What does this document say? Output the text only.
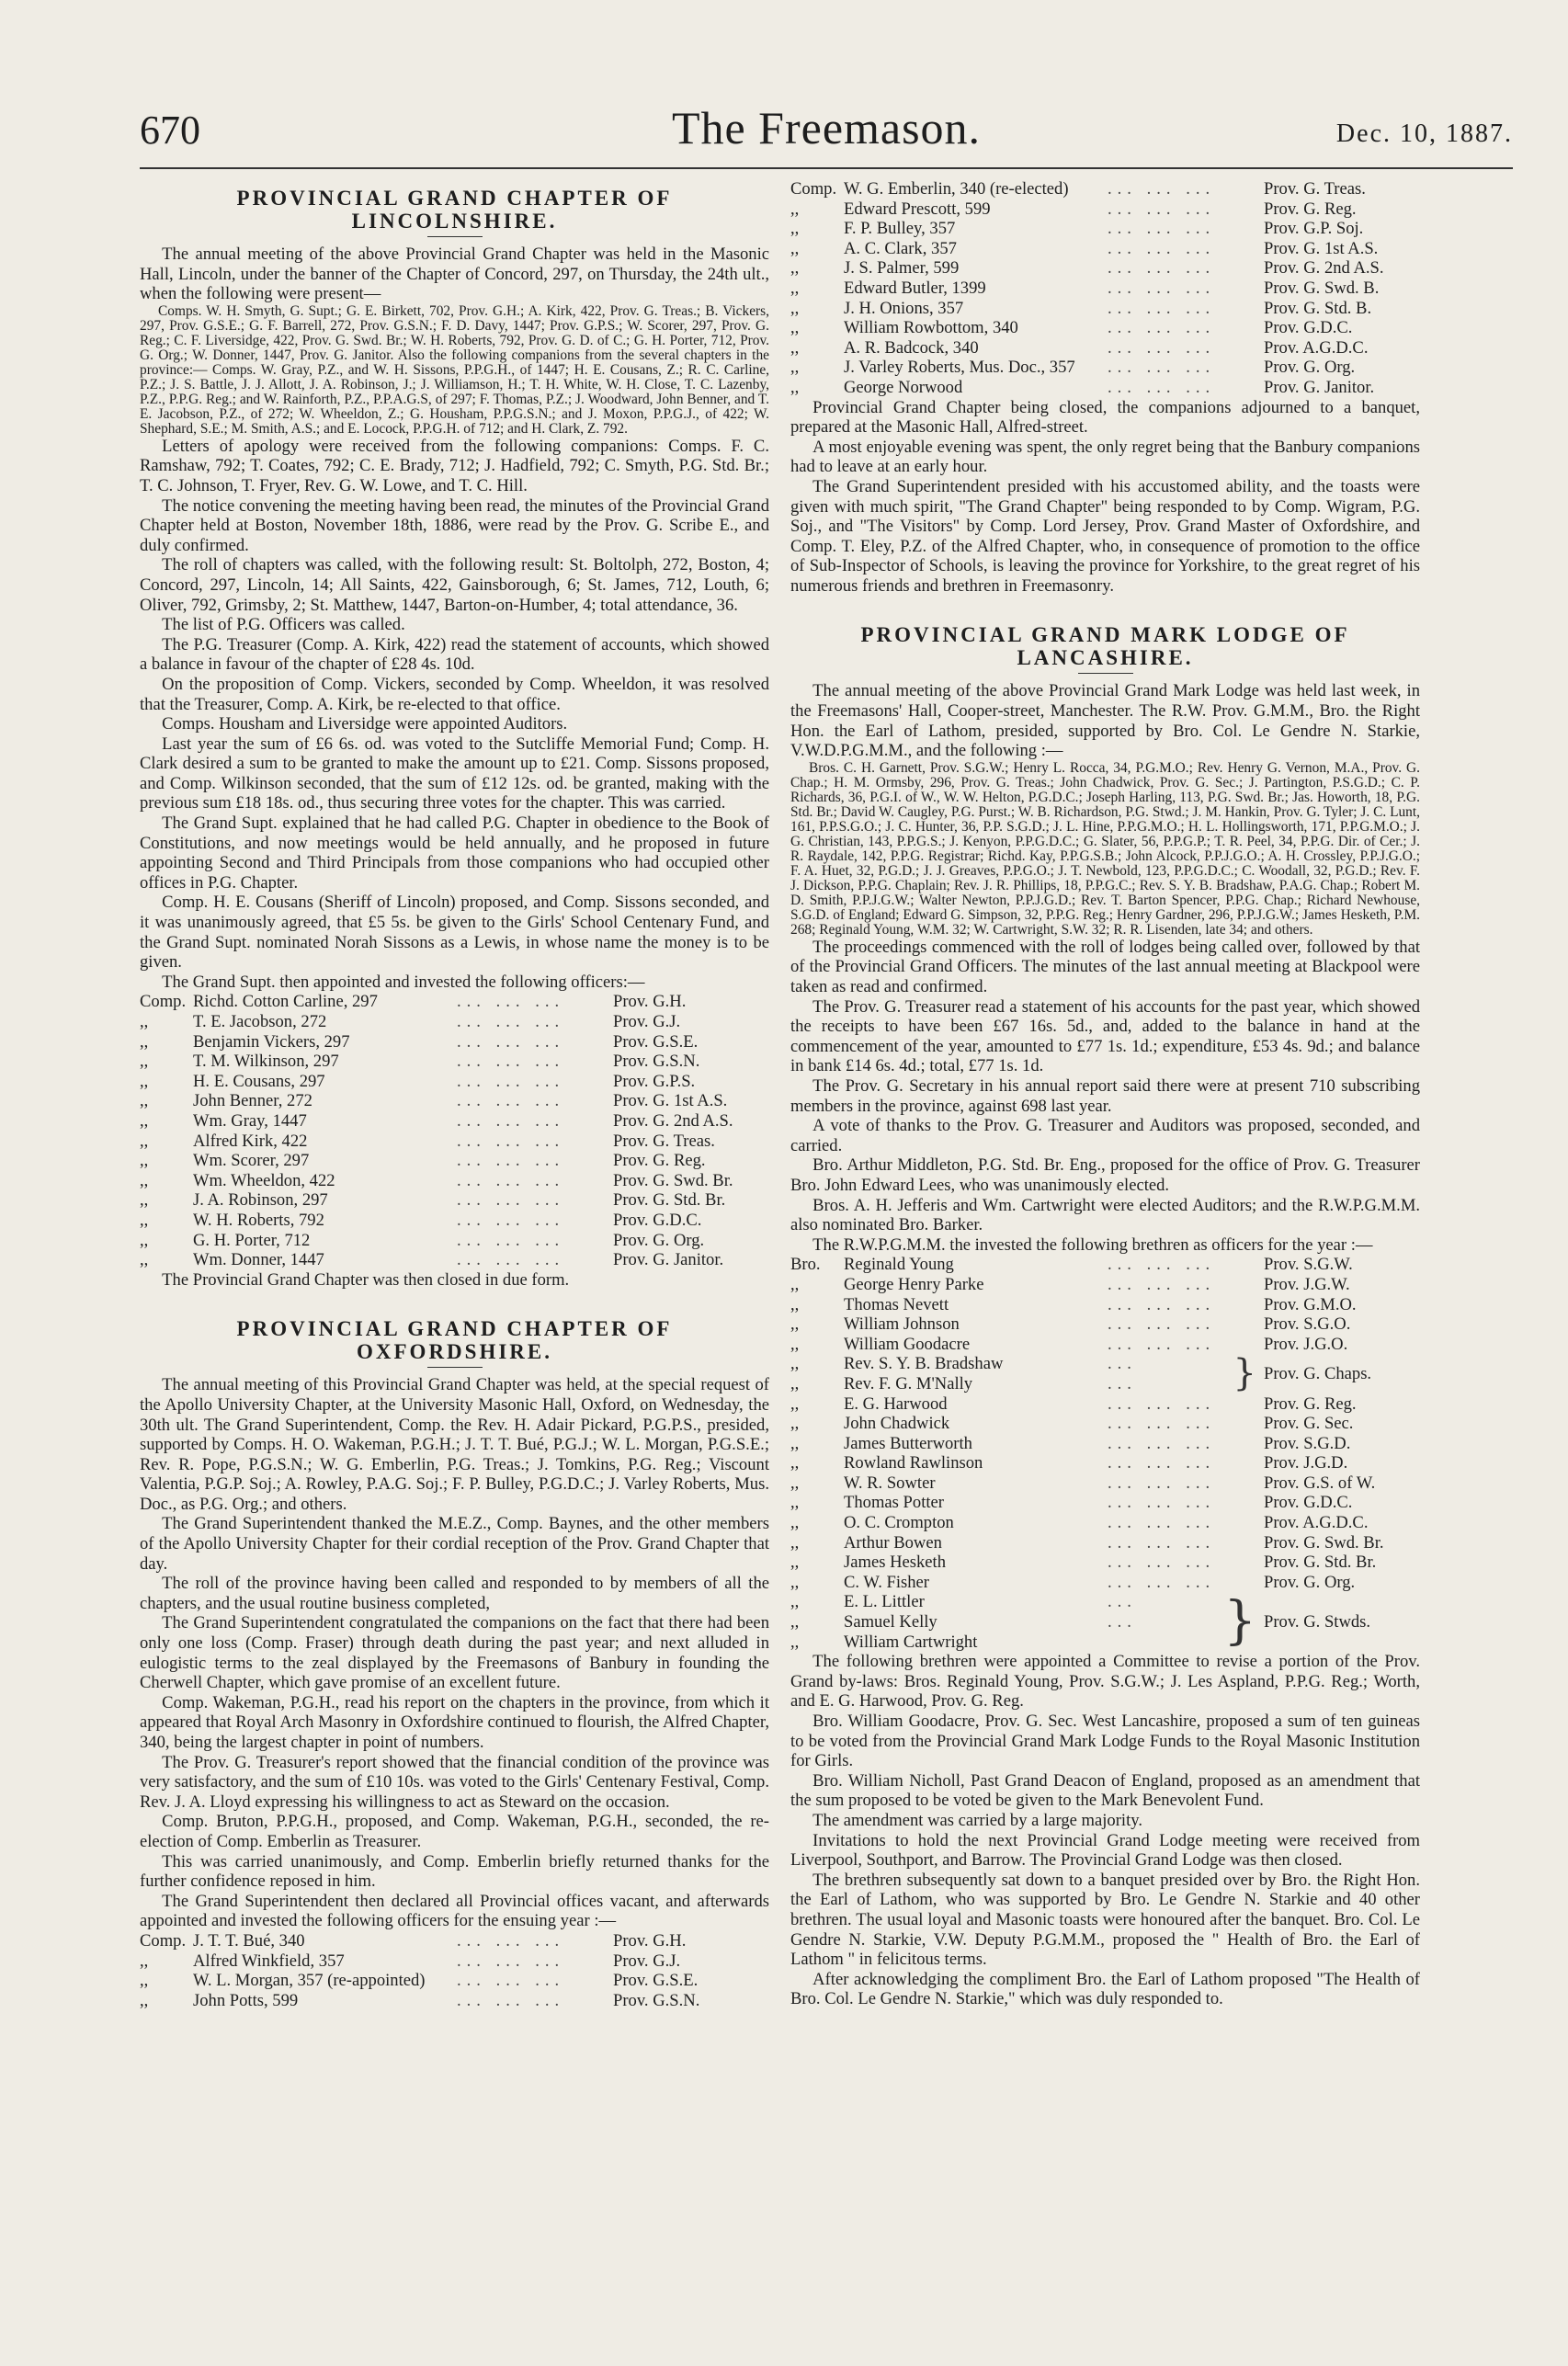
670	The Freemason.	Dec. 10, 1887.
PROVINCIAL GRAND CHAPTER OF LINCOLNSHIRE.

The annual meeting of the above Provincial Grand Chapter was held in the Masonic Hall, Lincoln, under the banner of the Chapter of Concord, 297, on Thursday, the 24th ult., when the following were present—

Comps. W. H. Smyth, G. Supt.; G. E. Birkett, 702, Prov. G.H.; A. Kirk, 422, Prov. G. Treas.; B. Vickers, 297, Prov. G.S.E.; G. F. Barrell, 272, Prov. G.S.N.; F. D. Davy, 1447; Prov. G.P.S.; W. Scorer, 297, Prov. G. Reg.; C. F. Liversidge, 422, Prov. G. Swd. Br.; W. H. Roberts, 792, Prov. G. D. of C.; G. H. Porter, 712, Prov. G. Org.; W. Donner, 1447, Prov. G. Janitor. Also the following companions from the several chapters in the province:— Comps. W. Gray, P.Z., and W. H. Sissons, P.P.G.H., of 1447; H. E. Cousans, Z.; R. C. Carline, P.Z.; J. S. Battle, J. J. Allott, J. A. Robinson, J.; J. Williamson, H.; T. H. White, W. H. Close, T. C. Lazenby, P.Z., P.P.G. Reg.; and W. Rainforth, P.Z., P.P.A.G.S, of 297; F. Thomas, P.Z.; J. Woodward, John Benner, and T. E. Jacobson, P.Z., of 272; W. Wheeldon, Z.; G. Housham, P.P.G.S.N.; and J. Moxon, P.P.G.J., of 422; W. Shephard, S.E.; M. Smith, A.S.; and E. Locock, P.P.G.H. of 712; and H. Clark, Z. 792.

Letters of apology were received from the following companions: Comps. F. C. Ramshaw, 792; T. Coates, 792; C. E. Brady, 712; J. Hadfield, 792; C. Smyth, P.G. Std. Br.; T. C. Johnson, T. Fryer, Rev. G. W. Lowe, and T. C. Hill.

The notice convening the meeting having been read, the minutes of the Provincial Grand Chapter held at Boston, November 18th, 1886, were read by the Prov. G. Scribe E., and duly confirmed.

The roll of chapters was called, with the following result: St. Boltolph, 272, Boston, 4; Concord, 297, Lincoln, 14; All Saints, 422, Gainsborough, 6; St. James, 712, Louth, 6; Oliver, 792, Grimsby, 2; St. Matthew, 1447, Barton-on-Humber, 4; total attendance, 36.

The list of P.G. Officers was called.

The P.G. Treasurer (Comp. A. Kirk, 422) read the statement of accounts, which showed a balance in favour of the chapter of £28 4s. 10d.

On the proposition of Comp. Vickers, seconded by Comp. Wheeldon, it was resolved that the Treasurer, Comp. A. Kirk, be re-elected to that office.

Comps. Housham and Liversidge were appointed Auditors.

Last year the sum of £6 6s. od. was voted to the Sutcliffe Memorial Fund; Comp. H. Clark desired a sum to be granted to make the amount up to £21. Comp. Sissons proposed, and Comp. Wilkinson seconded, that the sum of £12 12s. od. be granted, making with the previous sum £18 18s. od., thus securing three votes for the chapter. This was carried.

The Grand Supt. explained that he had called P.G. Chapter in obedience to the Book of Constitutions, and now meetings would be held annually, and he proposed in future appointing Second and Third Principals from those companions who had occupied other offices in P.G. Chapter.

Comp. H. E. Cousans (Sheriff of Lincoln) proposed, and Comp. Sissons seconded, and it was unanimously agreed, that £5 5s. be given to the Girls' School Centenary Fund, and the Grand Supt. nominated Norah Sissons as a Lewis, in whose name the money is to be given.

The Grand Supt. then appointed and invested the following officers:—

Comp. Richd. Cotton Carline, 297	... ... ...	Prov. G.H.
,,	T. E. Jacobson, 272	... ... ...	Prov. G.J.
,,	Benjamin Vickers, 297	... ... ...	Prov. G.S.E.
,,	T. M. Wilkinson, 297	... ... ...	Prov. G.S.N.
,,	H. E. Cousans, 297	... ... ...	Prov. G.P.S.
,,	John Benner, 272	... ... ...	Prov. G. 1st A.S.
,,	Wm. Gray, 1447	... ... ...	Prov. G. 2nd A.S.
,,	Alfred Kirk, 422	... ... ...	Prov. G. Treas.
,,	Wm. Scorer, 297	... ... ...	Prov. G. Reg.
,,	Wm. Wheeldon, 422	... ... ...	Prov. G. Swd. Br.
,,	J. A. Robinson, 297	... ... ...	Prov. G. Std. Br.
,,	W. H. Roberts, 792	... ... ...	Prov. G.D.C.
,,	G. H. Porter, 712	... ... ...	Prov. G. Org.
,,	Wm. Donner, 1447	... ... ...	Prov. G. Janitor.

The Provincial Grand Chapter was then closed in due form.

PROVINCIAL GRAND CHAPTER OF OXFORDSHIRE.

The annual meeting of this Provincial Grand Chapter was held, at the special request of the Apollo University Chapter, at the University Masonic Hall, Oxford, on Wednesday, the 30th ult. The Grand Superintendent, Comp. the Rev. H. Adair Pickard, P.G.P.S., presided, supported by Comps. H. O. Wakeman, P.G.H.; J. T. T. Bué, P.G.J.; W. L. Morgan, P.G.S.E.; Rev. R. Pope, P.G.S.N.; W. G. Emberlin, P.G. Treas.; J. Tomkins, P.G. Reg.; Viscount Valentia, P.G.P. Soj.; A. Rowley, P.A.G. Soj.; F. P. Bulley, P.G.D.C.; J. Varley Roberts, Mus. Doc., as P.G. Org.; and others.

The Grand Superintendent thanked the M.E.Z., Comp. Baynes, and the other members of the Apollo University Chapter for their cordial reception of the Prov. Grand Chapter that day.

The roll of the province having been called and responded to by members of all the chapters, and the usual routine business completed,

The Grand Superintendent congratulated the companions on the fact that there had been only one loss (Comp. Fraser) through death during the past year; and next alluded in eulogistic terms to the zeal displayed by the Freemasons of Banbury in founding the Cherwell Chapter, which gave promise of an excellent future.

Comp. Wakeman, P.G.H., read his report on the chapters in the province, from which it appeared that Royal Arch Masonry in Oxfordshire continued to flourish, the Alfred Chapter, 340, being the largest chapter in point of numbers.

The Prov. G. Treasurer's report showed that the financial condition of the province was very satisfactory, and the sum of £10 10s. was voted to the Girls' Centenary Festival, Comp. Rev. J. A. Lloyd expressing his willingness to act as Steward on the occasion.

Comp. Bruton, P.P.G.H., proposed, and Comp. Wakeman, P.G.H., seconded, the re-election of Comp. Emberlin as Treasurer.

This was carried unanimously, and Comp. Emberlin briefly returned thanks for the further confidence reposed in him.

The Grand Superintendent then declared all Provincial offices vacant, and afterwards appointed and invested the following officers for the ensuing year :—

Comp. J. T. T. Bué, 340	... ... ...	Prov. G.H.
,,	Alfred Winkfield, 357	... ... ...	Prov. G.J.
,,	W. L. Morgan, 357 (re-appointed)	... ... ...	Prov. G.S.E.
,,	John Potts, 599	... ... ...	Prov. G.S.N.
Comp. W. G. Emberlin, 340 (re-elected)	... ... ...	Prov. G. Treas.
,,	Edward Prescott, 599	... ... ...	Prov. G. Reg.
,,	F. P. Bulley, 357	... ... ...	Prov. G.P. Soj.
,,	A. C. Clark, 357	... ... ...	Prov. G. 1st A.S.
,,	J. S. Palmer, 599	... ... ...	Prov. G. 2nd A.S.
,,	Edward Butler, 1399	... ... ...	Prov. G. Swd. B.
,,	J. H. Onions, 357	... ... ...	Prov. G. Std. B.
,,	William Rowbottom, 340	... ... ...	Prov. G.D.C.
,,	A. R. Badcock, 340	... ... ...	Prov. A.G.D.C.
,,	J. Varley Roberts, Mus. Doc., 357	... ... ...	Prov. G. Org.
,,	George Norwood	... ... ...	Prov. G. Janitor.

Provincial Grand Chapter being closed, the companions adjourned to a banquet, prepared at the Masonic Hall, Alfred-street.

A most enjoyable evening was spent, the only regret being that the Banbury companions had to leave at an early hour.

The Grand Superintendent presided with his accustomed ability, and the toasts were given with much spirit, "The Grand Chapter" being responded to by Comp. Wigram, P.G. Soj., and "The Visitors" by Comp. Lord Jersey, Prov. Grand Master of Oxfordshire, and Comp. T. Eley, P.Z. of the Alfred Chapter, who, in consequence of promotion to the office of Sub-Inspector of Schools, is leaving the province for Yorkshire, to the great regret of his numerous friends and brethren in Freemasonry.

PROVINCIAL GRAND MARK LODGE OF LANCASHIRE.

The annual meeting of the above Provincial Grand Mark Lodge was held last week, in the Freemasons' Hall, Cooper-street, Manchester. The R.W. Prov. G.M.M., Bro. the Right Hon. the Earl of Lathom, presided, supported by Bro. Col. Le Gendre N. Starkie, V.W.D.P.G.M.M., and the following :—

Bros. C. H. Garnett, Prov. S.G.W.; Henry L. Rocca, 34, P.G.M.O.; Rev. Henry G. Vernon, M.A., Prov. G. Chap.; H. M. Ormsby, 296, Prov. G. Treas.; John Chadwick, Prov. G. Sec.; J. Partington, P.S.G.D.; C. P. Richards, 36, P.G.I. of W., W. W. Helton, P.G.D.C.; Joseph Harling, 113, P.G. Swd. Br.; Jas. Howorth, 18, P.G. Std. Br.; David W. Caugley, P.G. Purst.; W. B. Richardson, P.G. Stwd.; J. M. Hankin, Prov. G. Tyler; J. C. Lunt, 161, P.P.S.G.O.; J. C. Hunter, 36, P.P. S.G.D.; J. L. Hine, P.P.G.M.O.; H. L. Hollingsworth, 171, P.P.G.M.O.; J. G. Christian, 143, P.P.G.S.; J. Kenyon, P.P.G.D.C.; G. Slater, 56, P.P.G.P.; T. R. Peel, 34, P.P.G. Dir. of Cer.; J. R. Raydale, 142, P.P.G. Registrar; Richd. Kay, P.P.G.S.B.; John Alcock, P.P.J.G.O.; A. H. Crossley, P.P.J.G.O.; F. A. Huet, 32, P.G.D.; J. J. Greaves, P.P.G.O.; J. T. Newbold, 123, P.P.G.D.C.; C. Woodall, 32, P.G.D.; Rev. F. J. Dickson, P.P.G. Chaplain; Rev. J. R. Phillips, 18, P.P.G.C.; Rev. S. Y. B. Bradshaw, P.A.G. Chap.; Robert M. D. Smith, P.P.J.G.W.; Walter Newton, P.P.J.G.D.; Rev. T. Barton Spencer, P.P.G. Chap.; Richard Newhouse, S.G.D. of England; Edward G. Simpson, 32, P.P.G. Reg.; Henry Gardner, 296, P.P.J.G.W.; James Hesketh, P.M. 268; Reginald Young, W.M. 32; W. Cartwright, S.W. 32; R. R. Lisenden, late 34; and others.

The proceedings commenced with the roll of lodges being called over, followed by that of the Provincial Grand Officers. The minutes of the last annual meeting at Blackpool were taken as read and confirmed.

The Prov. G. Treasurer read a statement of his accounts for the past year, which showed the receipts to have been £67 16s. 5d., and, added to the balance in hand at the commencement of the year, amounted to £77 1s. 1d.; expenditure, £53 4s. 9d.; and balance in bank £14 6s. 4d.; total, £77 1s. 1d.

The Prov. G. Secretary in his annual report said there were at present 710 subscribing members in the province, against 698 last year.

A vote of thanks to the Prov. G. Treasurer and Auditors was proposed, seconded, and carried.

Bro. Arthur Middleton, P.G. Std. Br. Eng., proposed for the office of Prov. G. Treasurer Bro. John Edward Lees, who was unanimously elected.

Bros. A. H. Jefferis and Wm. Cartwright were elected Auditors; and the R.W.P.G.M.M. also nominated Bro. Barker.

The R.W.P.G.M.M. the invested the following brethren as officers for the year :—

Bro.	Reginald Young	... ... ...	Prov. S.G.W.
,,	George Henry Parke	... ... ...	Prov. J.G.W.
,,	Thomas Nevett	... ... ...	Prov. G.M.O.
,,	William Johnson	... ... ...	Prov. S.G.O.
,,	William Goodacre	... ... ...	Prov. J.G.O.
,,	Rev. S. Y. B. Bradshaw	...
,,	Rev. F. G. M'Nally	...	} Prov. G. Chaps.
,,	E. G. Harwood	... ... ...	Prov. G. Reg.
,,	John Chadwick	... ... ...	Prov. G. Sec.
,,	James Butterworth	... ... ...	Prov. S.G.D.
,,	Rowland Rawlinson	... ... ...	Prov. J.G.D.
,,	W. R. Sowter	... ... ...	Prov. G.S. of W.
,,	Thomas Potter	... ... ...	Prov. G.D.C.
,,	O. C. Crompton	... ... ...	Prov. A.G.D.C.
,,	Arthur Bowen	... ... ...	Prov. G. Swd. Br.
,,	James Hesketh	... ... ...	Prov. G. Std. Br.
,,	C. W. Fisher	... ... ...	Prov. G. Org.
,,	E. L. Littler	...
,,	Samuel Kelly	...
,,	William Cartwright	} Prov. G. Stwds.

The following brethren were appointed a Committee to revise a portion of the Prov. Grand by-laws: Bros. Reginald Young, Prov. S.G.W.; J. Les Aspland, P.P.G. Reg.; Worth, and E. G. Harwood, Prov. G. Reg.

Bro. William Goodacre, Prov. G. Sec. West Lancashire, proposed a sum of ten guineas to be voted from the Provincial Grand Mark Lodge Funds to the Royal Masonic Institution for Girls.

Bro. William Nicholl, Past Grand Deacon of England, proposed as an amendment that the sum proposed to be voted be given to the Mark Benevolent Fund.

The amendment was carried by a large majority.

Invitations to hold the next Provincial Grand Lodge meeting were received from Liverpool, Southport, and Barrow. The Provincial Grand Lodge was then closed.

The brethren subsequently sat down to a banquet presided over by Bro. the Right Hon. the Earl of Lathom, who was supported by Bro. Le Gendre N. Starkie and 40 other brethren. The usual loyal and Masonic toasts were honoured after the banquet. Bro. Col. Le Gendre N. Starkie, V.W. Deputy P.G.M.M., proposed the " Health of Bro. the Earl of Lathom " in felicitous terms.

After acknowledging the compliment Bro. the Earl of Lathom proposed "The Health of Bro. Col. Le Gendre N. Starkie," which was duly responded to.
